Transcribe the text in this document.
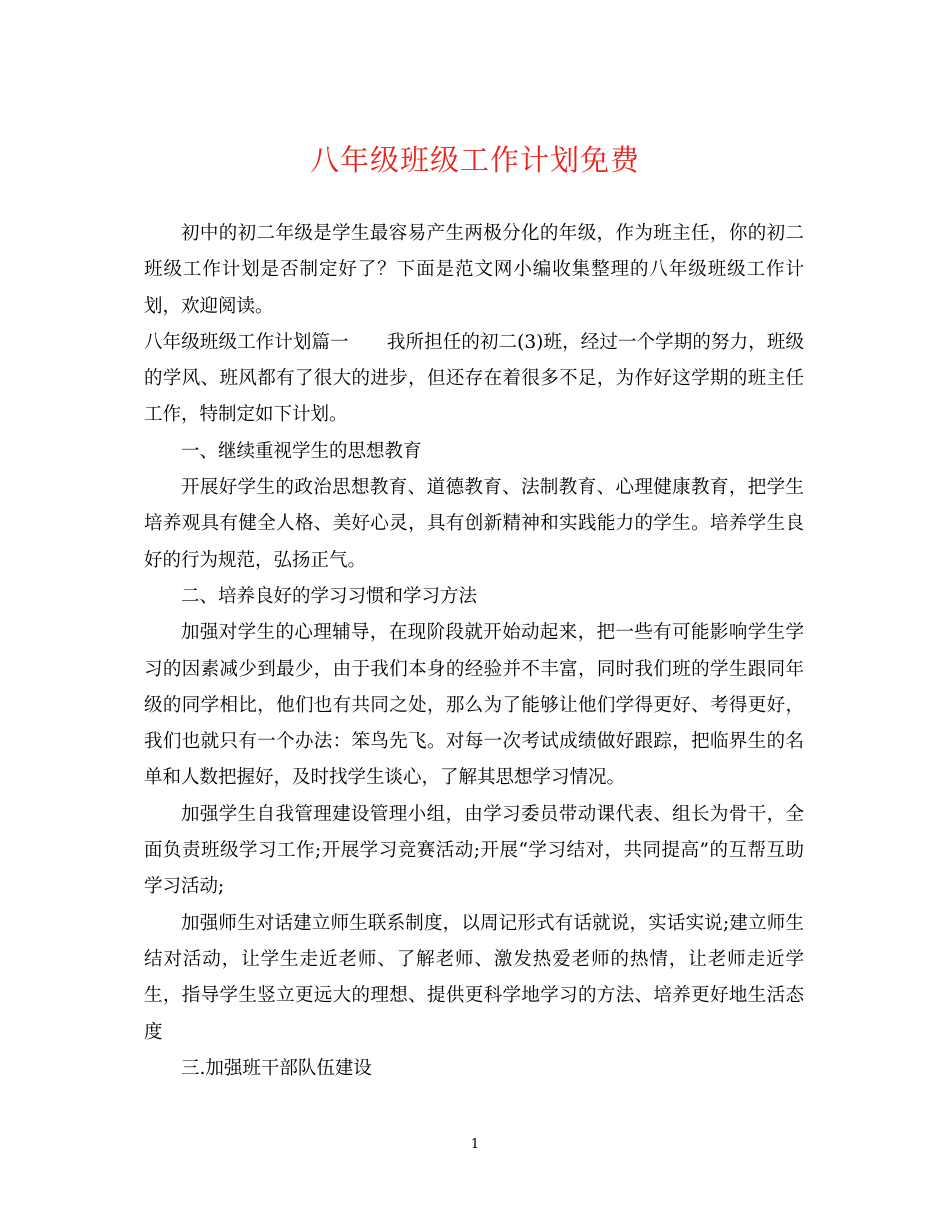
八年级班级工作计划免费

初中的初二年级是学生最容易产生两极分化的年级，作为班主任，你的初二班级工作计划是否制定好了？下面是范文网小编收集整理的八年级班级工作计划，欢迎阅读。

八年级班级工作计划篇一 我所担任的初二(3)班，经过一个学期的努力，班级的学风、班风都有了很大的进步，但还存在着很多不足，为作好这学期的班主任工作，特制定如下计划。

一、继续重视学生的思想教育

开展好学生的政治思想教育、道德教育、法制教育、心理健康教育，把学生培养观具有健全人格、美好心灵，具有创新精神和实践能力的学生。培养学生良好的行为规范，弘扬正气。

二、培养良好的学习习惯和学习方法

加强对学生的心理辅导，在现阶段就开始动起来，把一些有可能影响学生学习的因素减少到最少，由于我们本身的经验并不丰富，同时我们班的学生跟同年级的同学相比，他们也有共同之处，那么为了能够让他们学得更好、考得更好，我们也就只有一个办法：笨鸟先飞。对每一次考试成绩做好跟踪，把临界生的名单和人数把握好，及时找学生谈心，了解其思想学习情况。

加强学生自我管理建设管理小组，由学习委员带动课代表、组长为骨干，全面负责班级学习工作;开展学习竞赛活动;开展“学习结对，共同提高”的互帮互助学习活动;

加强师生对话建立师生联系制度，以周记形式有话就说，实话实说;建立师生结对活动，让学生走近老师、了解老师、激发热爱老师的热情，让老师走近学生，指导学生竖立更远大的理想、提供更科学地学习的方法、培养更好地生活态度

三.加强班干部队伍建设

1
